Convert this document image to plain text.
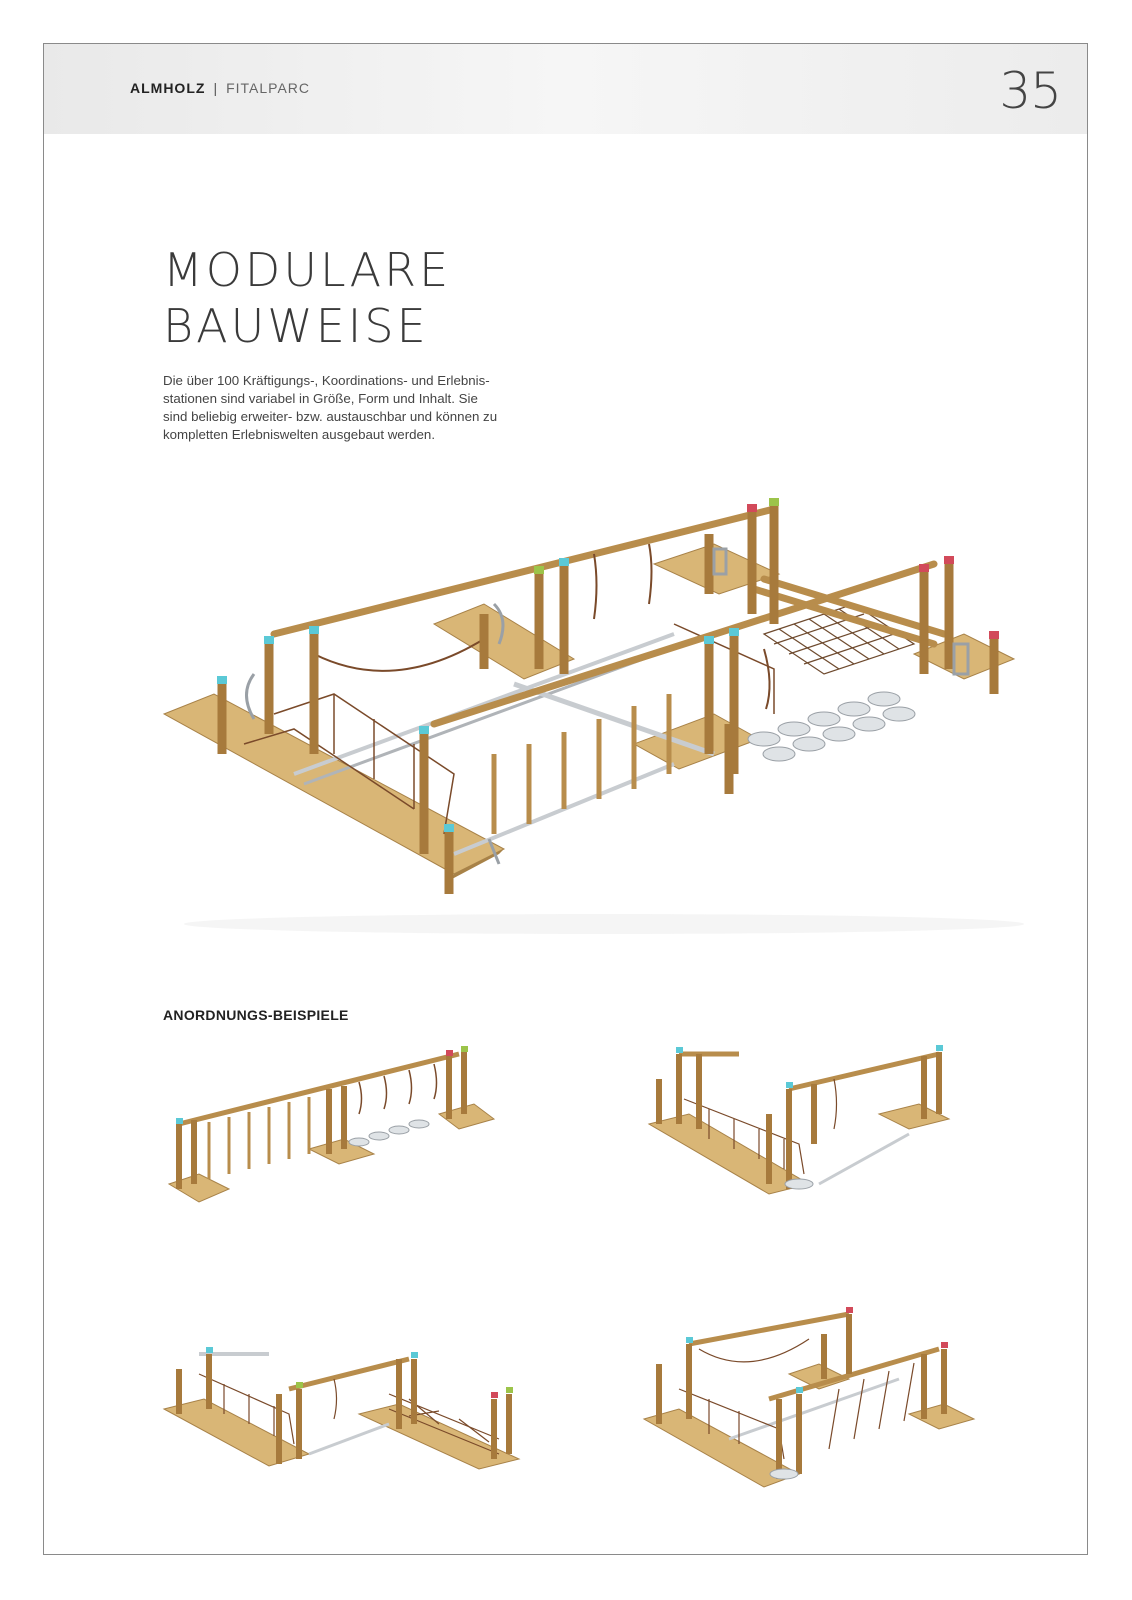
ALMHOLZ | FITALPARC	35
MODULARE
BAUWEISE
Die über 100 Kräftigungs-, Koordinations- und Erlebnis-
stationen sind variabel in Größe, Form und Inhalt. Sie
sind beliebig erweiter- bzw. austauschbar und können zu
kompletten Erlebniswelten ausgebaut werden.
ANORDNUNGS-BEISPIELE
